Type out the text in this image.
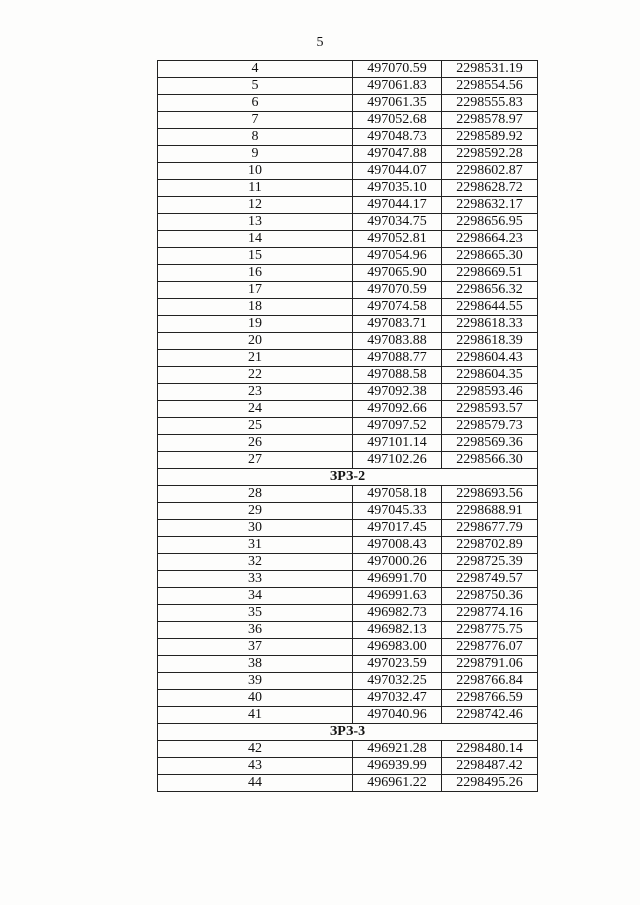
5
4	497070.59	2298531.19
5	497061.83	2298554.56
6	497061.35	2298555.83
7	497052.68	2298578.97
8	497048.73	2298589.92
9	497047.88	2298592.28
10	497044.07	2298602.87
11	497035.10	2298628.72
12	497044.17	2298632.17
13	497034.75	2298656.95
14	497052.81	2298664.23
15	497054.96	2298665.30
16	497065.90	2298669.51
17	497070.59	2298656.32
18	497074.58	2298644.55
19	497083.71	2298618.33
20	497083.88	2298618.39
21	497088.77	2298604.43
22	497088.58	2298604.35
23	497092.38	2298593.46
24	497092.66	2298593.57
25	497097.52	2298579.73
26	497101.14	2298569.36
27	497102.26	2298566.30
ЗРЗ-2		
28	497058.18	2298693.56
29	497045.33	2298688.91
30	497017.45	2298677.79
31	497008.43	2298702.89
32	497000.26	2298725.39
33	496991.70	2298749.57
34	496991.63	2298750.36
35	496982.73	2298774.16
36	496982.13	2298775.75
37	496983.00	2298776.07
38	497023.59	2298791.06
39	497032.25	2298766.84
40	497032.47	2298766.59
41	497040.96	2298742.46
ЗРЗ-3		
42	496921.28	2298480.14
43	496939.99	2298487.42
44	496961.22	2298495.26
